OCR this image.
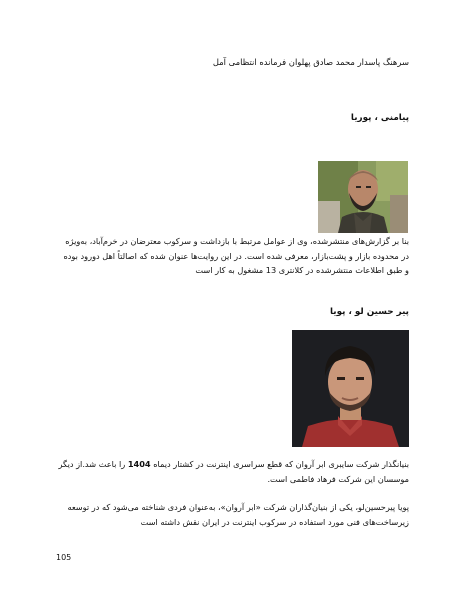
سرهنگ پاسدار محمد صادق پهلوان فرمانده انتظامی آمل
پیامنی ، پوریا
بنا بر گزارش‌های منتشرشده، وی از عوامل مرتبط با بازداشت و سرکوب معترضان در خرم‌آباد، به‌ویژه در محدوده بازار و پشت‌بازار، معرفی شده است. در این روایت‌ها عنوان شده که اصالتاً اهل دورود بوده و طبق اطلاعات منتشرشده در کلانتری 13 مشغول به کار است
پیر حسین لو ، پویا
بنیانگذار شرکت سایبری ابر آروان که قطع سراسری اینترنت در کشتار دیماه 1404 را باعث شد.از دیگر موسسان این شرکت فرهاد فاطمی است.
پویا پیرحسین‌لو، یکی از بنیان‌گذاران شرکت «ابر آروان»، به‌عنوان فردی شناخته می‌شود که در توسعه زیرساخت‌های فنی مورد استفاده در سرکوب اینترنت در ایران نقش داشته است
105
